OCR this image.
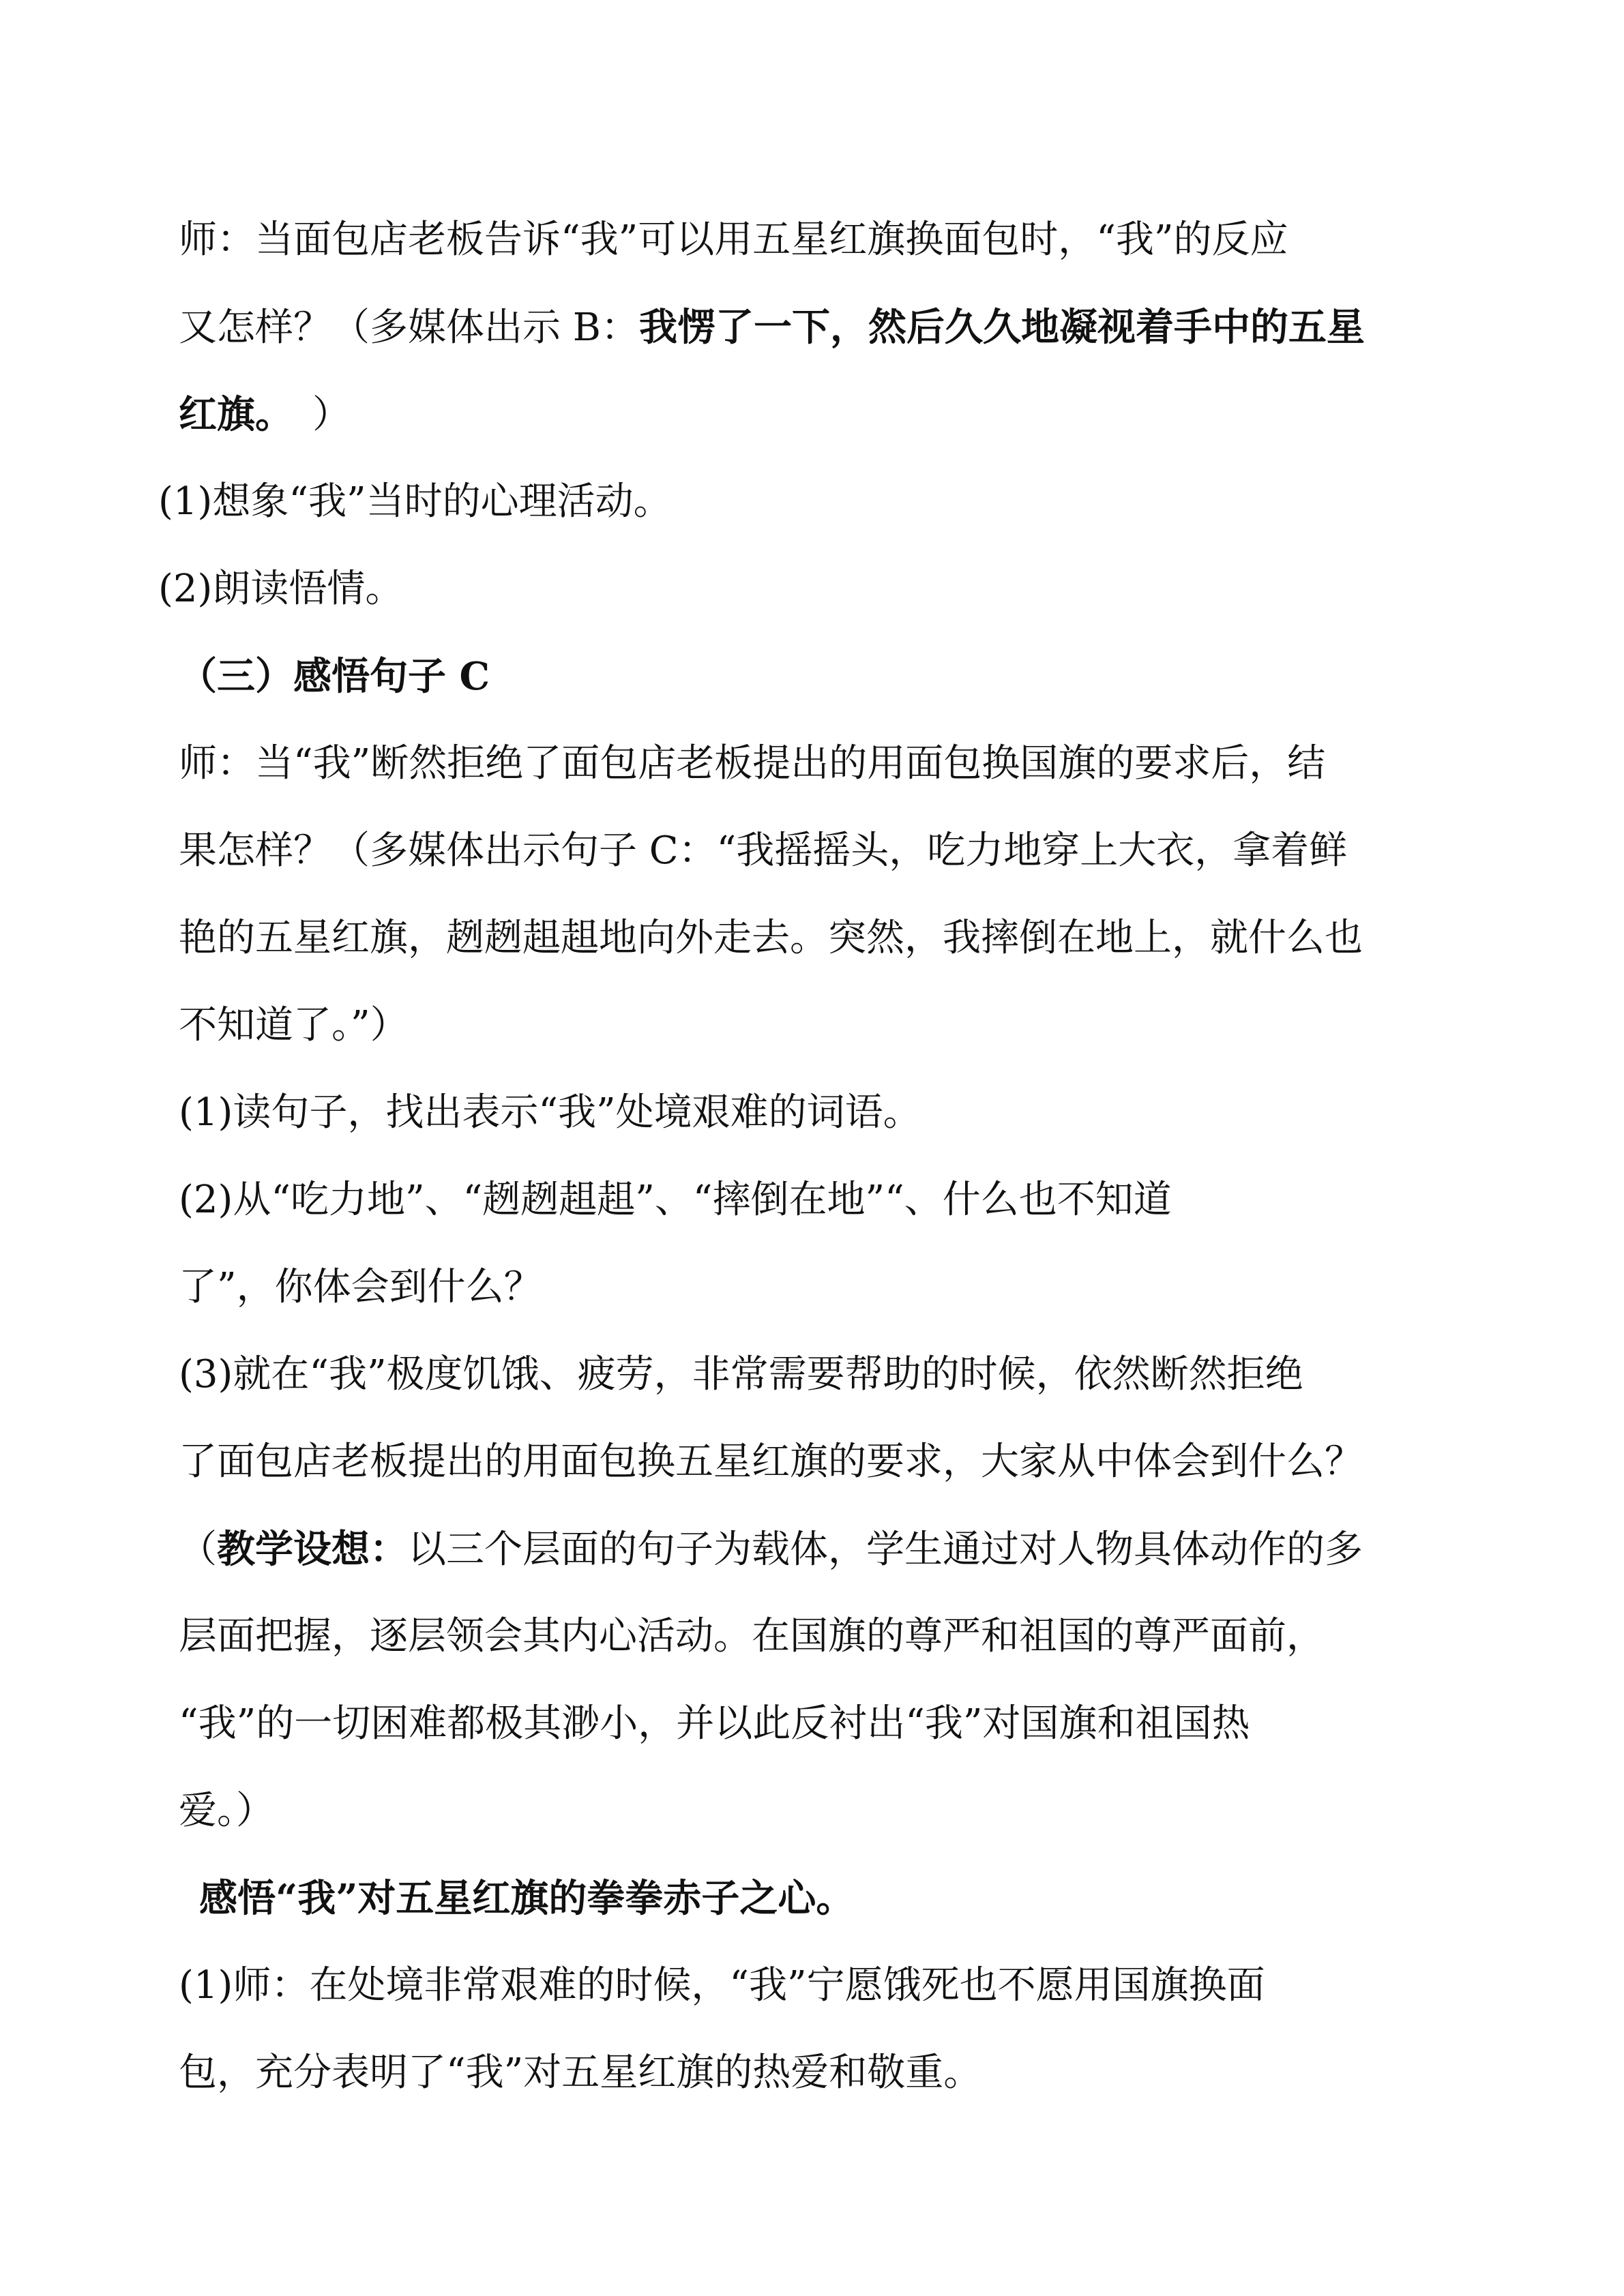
师：当面包店老板告诉“我”可以用五星红旗换面包时，“我”的反应
又怎样？（多媒体出示 B：我愣了一下，然后久久地凝视着手中的五星
红旗。　）
(1)想象“我”当时的心理活动。
(2)朗读悟情。
（三）感悟句子 C
师：当“我”断然拒绝了面包店老板提出的用面包换国旗的要求后，结
果怎样？（多媒体出示句子 C：“我摇摇头，吃力地穿上大衣，拿着鲜
艳的五星红旗，趔趔趄趄地向外走去。突然，我摔倒在地上，就什么也
不知道了。”）
(1)读句子，找出表示“我”处境艰难的词语。
(2)从“吃力地”、“趔趔趄趄”、“摔倒在地”“、什么也不知道
了”，你体会到什么？
(3)就在“我”极度饥饿、疲劳，非常需要帮助的时候，依然断然拒绝
了面包店老板提出的用面包换五星红旗的要求，大家从中体会到什么？
（教学设想：以三个层面的句子为载体，学生通过对人物具体动作的多
层面把握，逐层领会其内心活动。在国旗的尊严和祖国的尊严面前，
“我”的一切困难都极其渺小，并以此反衬出“我”对国旗和祖国热
爱。）
感悟“我”对五星红旗的拳拳赤子之心。
(1)师：在处境非常艰难的时候，“我”宁愿饿死也不愿用国旗换面
包，充分表明了“我”对五星红旗的热爱和敬重。
